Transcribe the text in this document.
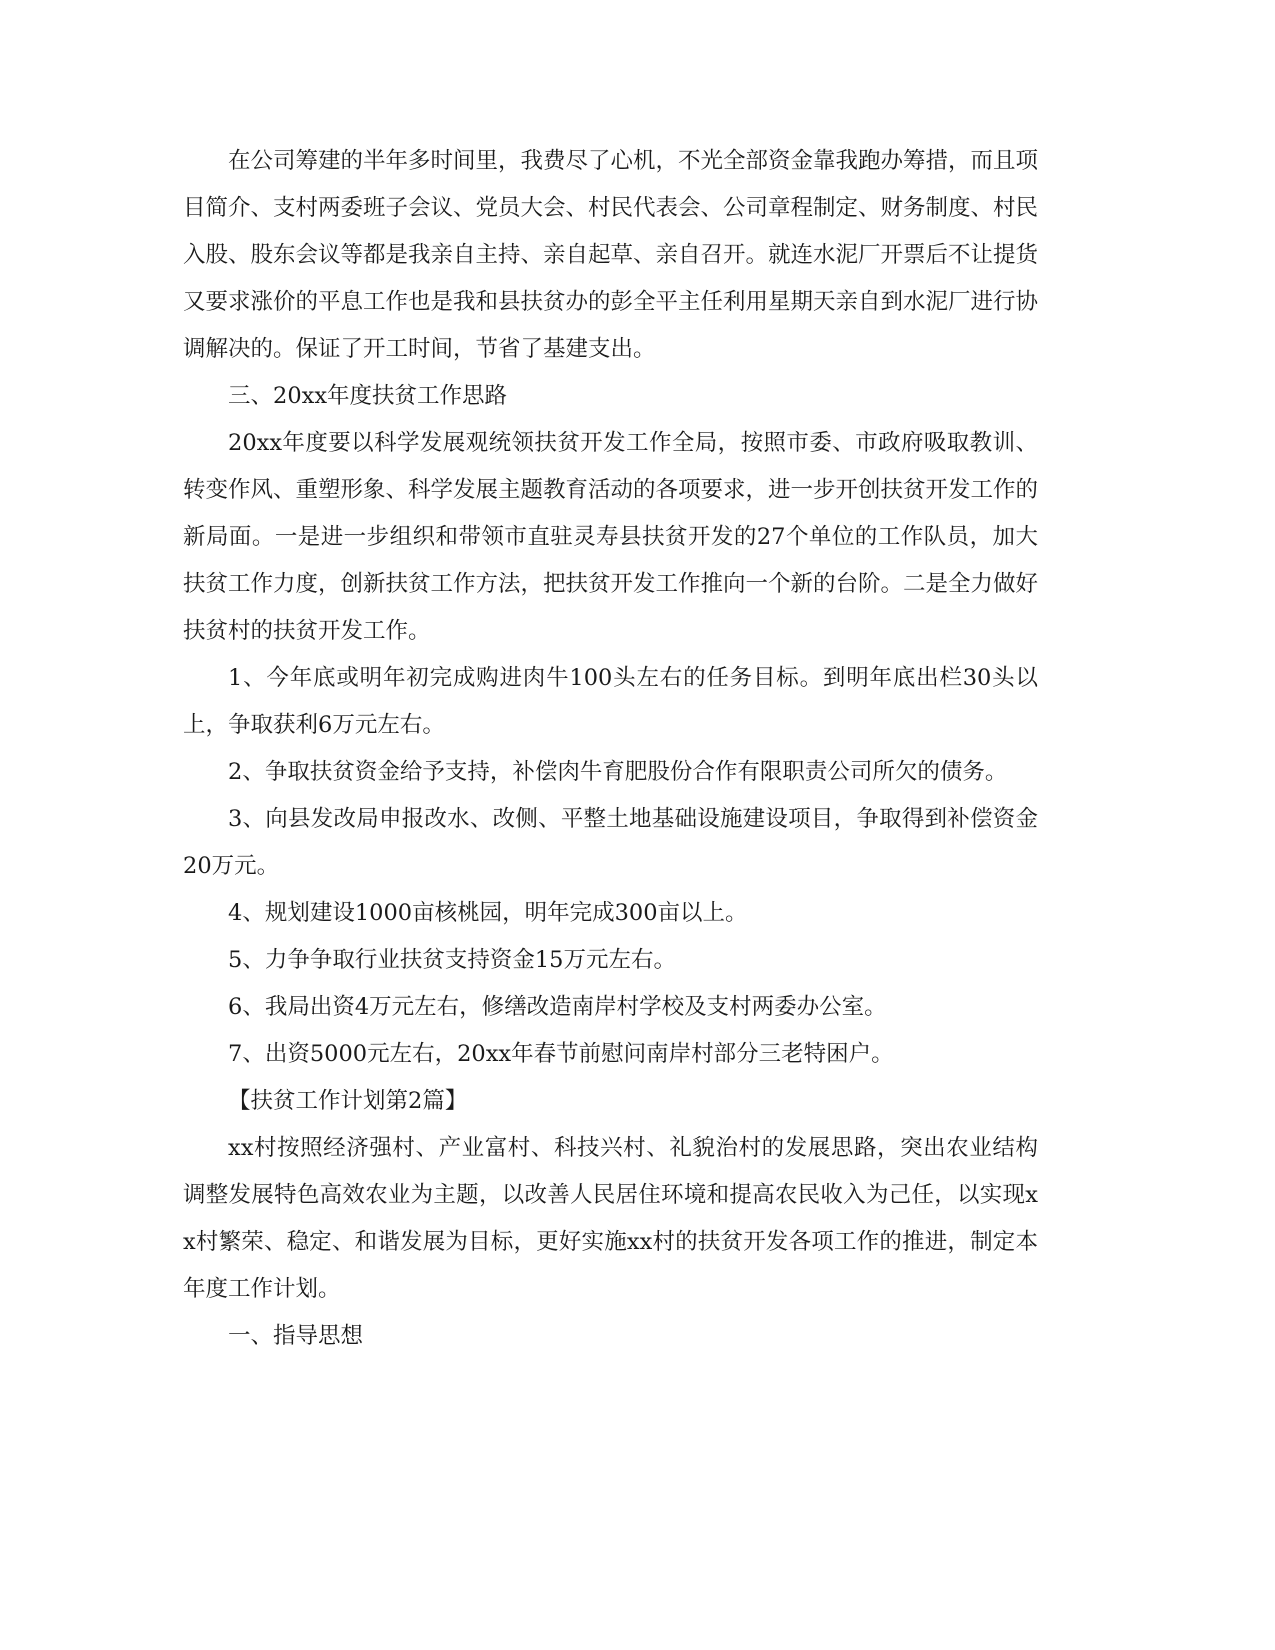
在公司筹建的半年多时间里，我费尽了心机，不光全部资金靠我跑办筹措，而且项目简介、支村两委班子会议、党员大会、村民代表会、公司章程制定、财务制度、村民入股、股东会议等都是我亲自主持、亲自起草、亲自召开。就连水泥厂开票后不让提货又要求涨价的平息工作也是我和县扶贫办的彭全平主任利用星期天亲自到水泥厂进行协调解决的。保证了开工时间，节省了基建支出。

三、20xx年度扶贫工作思路

20xx年度要以科学发展观统领扶贫开发工作全局，按照市委、市政府吸取教训、转变作风、重塑形象、科学发展主题教育活动的各项要求，进一步开创扶贫开发工作的新局面。一是进一步组织和带领市直驻灵寿县扶贫开发的27个单位的工作队员，加大扶贫工作力度，创新扶贫工作方法，把扶贫开发工作推向一个新的台阶。二是全力做好扶贫村的扶贫开发工作。

1、今年底或明年初完成购进肉牛100头左右的任务目标。到明年底出栏30头以上，争取获利6万元左右。

2、争取扶贫资金给予支持，补偿肉牛育肥股份合作有限职责公司所欠的债务。

3、向县发改局申报改水、改侧、平整土地基础设施建设项目，争取得到补偿资金20万元。

4、规划建设1000亩核桃园，明年完成300亩以上。

5、力争争取行业扶贫支持资金15万元左右。

6、我局出资4万元左右，修缮改造南岸村学校及支村两委办公室。

7、出资5000元左右，20xx年春节前慰问南岸村部分三老特困户。

【扶贫工作计划第2篇】

xx村按照经济强村、产业富村、科技兴村、礼貌治村的发展思路，突出农业结构调整发展特色高效农业为主题，以改善人民居住环境和提高农民收入为己任，以实现xx村繁荣、稳定、和谐发展为目标，更好实施xx村的扶贫开发各项工作的推进，制定本年度工作计划。

一、指导思想
